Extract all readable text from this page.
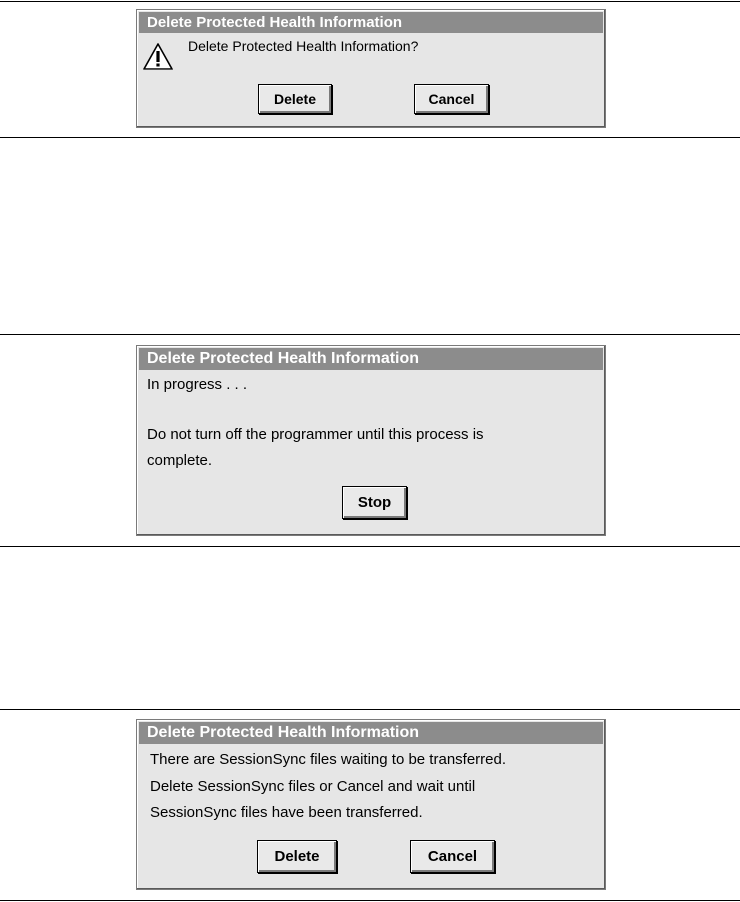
Delete Protected Health Information
Delete Protected Health Information?
Delete	Cancel
Delete Protected Health Information
In progress . . .
Do not turn off the programmer until this process is
complete.
Stop
Delete Protected Health Information
There are SessionSync files waiting to be transferred.
Delete SessionSync files or Cancel and wait until
SessionSync files have been transferred.
Delete	Cancel
